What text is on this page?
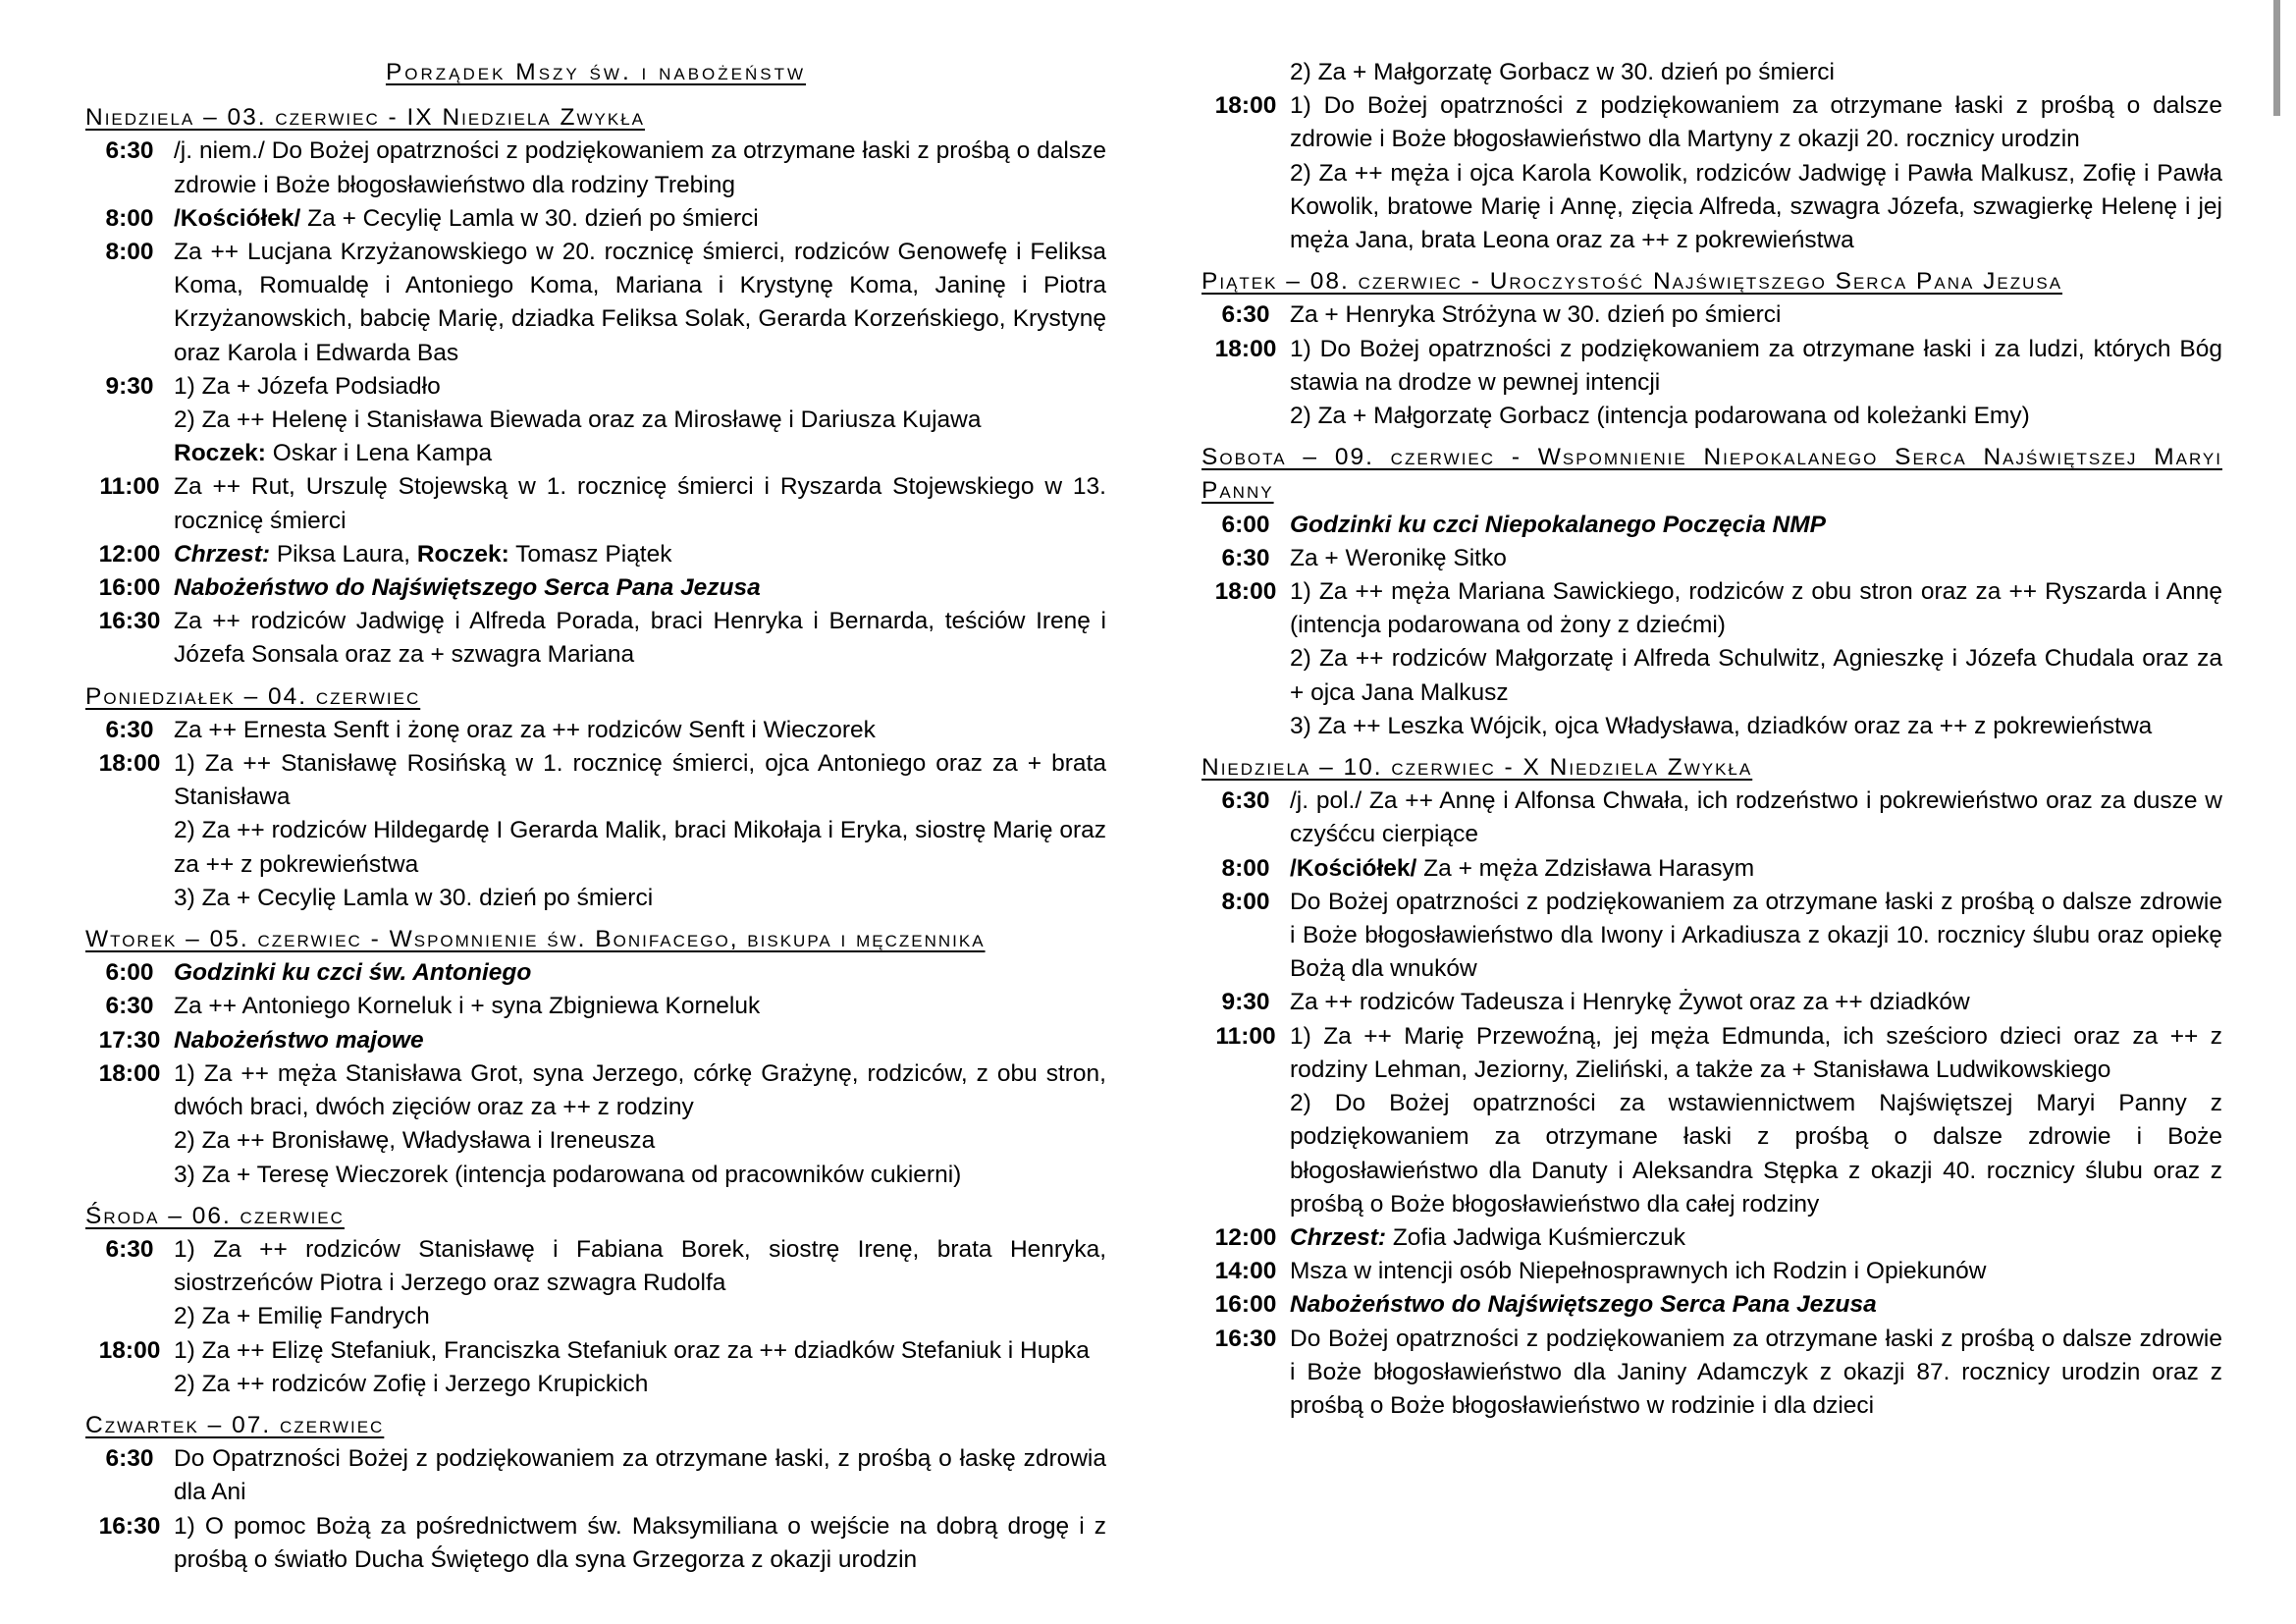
Porządek Mszy św. i nabożeństw
Niedziela – 03. czerwiec - IX Niedziela Zwykła
6:30 /j. niem./ Do Bożej opatrzności z podziękowaniem za otrzymane łaski z prośbą o dalsze zdrowie i Boże błogosławieństwo dla rodziny Trebing
8:00 /Kościółek/ Za + Cecylię Lamla w 30. dzień po śmierci
8:00 Za ++ Lucjana Krzyżanowskiego w 20. rocznicę śmierci, rodziców Genowefę i Feliksa Koma, Romualdę i Antoniego Koma, Mariana i Krystynę Koma, Janinę i Piotra Krzyżanowskich, babcię Marię, dziadka Feliksa Solak, Gerarda Korzeńskiego, Krystynę oraz Karola i Edwarda Bas
9:30 1) Za + Józefa Podsiadło
2) Za ++ Helenę i Stanisława Biewada oraz za Mirosławę i Dariusza Kujawa
Roczek: Oskar i Lena Kampa
11:00 Za ++ Rut, Urszulę Stojewską w 1. rocznicę śmierci i Ryszarda Stojewskiego w 13. rocznicę śmierci
12:00 Chrzest: Piksa Laura, Roczek: Tomasz Piątek
16:00 Nabożeństwo do Najświętszego Serca Pana Jezusa
16:30 Za ++ rodziców Jadwigę i Alfreda Porada, braci Henryka i Bernarda, teściów Irenę i Józefa Sonsala oraz za + szwagra Mariana
Poniedziałek – 04. czerwiec
6:30 Za ++ Ernesta Senft i żonę oraz za ++ rodziców Senft i Wieczorek
18:00 1) Za ++ Stanisławę Rosińską w 1. rocznicę śmierci, ojca Antoniego oraz za + brata Stanisława
2) Za ++ rodziców Hildegardę I Gerarda Malik, braci Mikołaja i Eryka, siostrę Marię oraz za ++ z pokrewieństwa
3) Za + Cecylię Lamla w 30. dzień po śmierci
Wtorek – 05. czerwiec - Wspomnienie św. Bonifacego, biskupa i męczennika
6:00 Godzinki ku czci św. Antoniego
6:30 Za ++ Antoniego Korneluk i + syna Zbigniewa Korneluk
17:30 Nabożeństwo majowe
18:00 1) Za ++ męża Stanisława Grot, syna Jerzego, córkę Grażynę, rodziców, z obu stron, dwóch braci, dwóch zięciów oraz za ++ z rodziny
2) Za ++ Bronisławę, Władysława i Ireneusza
3) Za + Teresę Wieczorek (intencja podarowana od pracowników cukierni)
Środa – 06. czerwiec
6:30 1) Za ++ rodziców Stanisławę i Fabiana Borek, siostrę Irenę, brata Henryka, siostrzeńców Piotra i Jerzego oraz szwagra Rudolfa
2) Za + Emilię Fandrych
18:00 1) Za ++ Elizę Stefaniuk, Franciszka Stefaniuk oraz za ++ dziadków Stefaniuk i Hupka
2) Za ++ rodziców Zofię i Jerzego Krupickich
Czwartek – 07. czerwiec
6:30 Do Opatrzności Bożej z podziękowaniem za otrzymane łaski, z prośbą o łaskę zdrowia dla Ani
16:30 1) O pomoc Bożą za pośrednictwem św. Maksymiliana o wejście na dobrą drogę i z prośbą o światło Ducha Świętego dla syna Grzegorza z okazji urodzin
2) Za + Małgorzatę Gorbacz w 30. dzień po śmierci
18:00 1) Do Bożej opatrzności z podziękowaniem za otrzymane łaski z prośbą o dalsze zdrowie i Boże błogosławieństwo dla Martyny z okazji 20. rocznicy urodzin
2) Za ++ męża i ojca Karola Kowolik, rodziców Jadwigę i Pawła Malkusz, Zofię i Pawła Kowolik, bratowe Marię i Annę, zięcia Alfreda, szwagra Józefa, szwagierkę Helenę i jej męża Jana, brata Leona oraz za ++ z pokrewieństwa
Piątek – 08. czerwiec - Uroczystość Najświętszego Serca Pana Jezusa
6:30 Za + Henryka Stróżyna w 30. dzień po śmierci
18:00 1) Do Bożej opatrzności z podziękowaniem za otrzymane łaski i za ludzi, których Bóg stawia na drodze w pewnej intencji
2) Za + Małgorzatę Gorbacz (intencja podarowana od koleżanki Emy)
Sobota – 09. czerwiec - Wspomnienie Niepokalanego Serca Najświętszej Maryi Panny
6:00 Godzinki ku czci Niepokalanego Poczęcia NMP
6:30 Za + Weronikę Sitko
18:00 1) Za ++ męża Mariana Sawickiego, rodziców z obu stron oraz za ++ Ryszarda i Annę (intencja podarowana od żony z dziećmi)
2) Za ++ rodziców Małgorzatę i Alfreda Schulwitz, Agnieszkę i Józefa Chudala oraz za + ojca Jana Malkusz
3) Za ++ Leszka Wójcik, ojca Władysława, dziadków oraz za ++ z pokrewieństwa
Niedziela – 10. czerwiec - X Niedziela Zwykła
6:30 /j. pol./ Za ++ Annę i Alfonsa Chwała, ich rodzeństwo i pokrewieństwo oraz za dusze w czyśćcu cierpiące
8:00 /Kościółek/ Za + męża Zdzisława Harasym
8:00 Do Bożej opatrzności z podziękowaniem za otrzymane łaski z prośbą o dalsze zdrowie i Boże błogosławieństwo dla Iwony i Arkadiusza z okazji 10. rocznicy ślubu oraz opiekę Bożą dla wnuków
9:30 Za ++ rodziców Tadeusza i Henrykę Żywot oraz za ++ dziadków
11:00 1) Za ++ Marię Przewoźną, jej męża Edmunda, ich sześcioro dzieci oraz za ++ z rodziny Lehman, Jeziorny, Zieliński, a także za + Stanisława Ludwikowskiego
2) Do Bożej opatrzności za wstawiennictwem Najświętszej Maryi Panny z podziękowaniem za otrzymane łaski z prośbą o dalsze zdrowie i Boże błogosławieństwo dla Danuty i Aleksandra Stępka z okazji 40. rocznicy ślubu oraz z prośbą o Boże błogosławieństwo dla całej rodziny
12:00 Chrzest: Zofia Jadwiga Kuśmierczuk
14:00 Msza w intencji osób Niepełnosprawnych ich Rodzin i Opiekunów
16:00 Nabożeństwo do Najświętszego Serca Pana Jezusa
16:30 Do Bożej opatrzności z podziękowaniem za otrzymane łaski z prośbą o dalsze zdrowie i Boże błogosławieństwo dla Janiny Adamczyk z okazji 87. rocznicy urodzin oraz z prośbą o Boże błogosławieństwo w rodzinie i dla dzieci
